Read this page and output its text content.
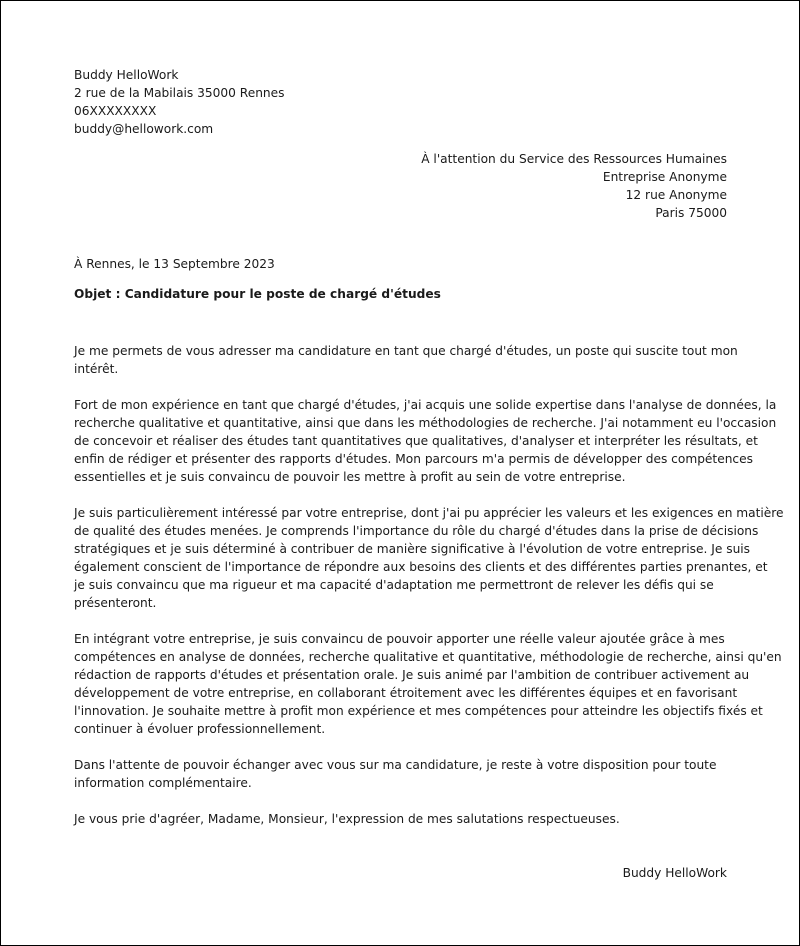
Buddy HelloWork
2 rue de la Mabilais 35000 Rennes
06XXXXXXXX
buddy@hellowork.com
À l'attention du Service des Ressources Humaines
Entreprise Anonyme
12 rue Anonyme
Paris 75000
À Rennes, le 13 Septembre 2023
Objet : Candidature pour le poste de chargé d'études
Je me permets de vous adresser ma candidature en tant que chargé d'études, un poste qui suscite tout mon
intérêt.
Fort de mon expérience en tant que chargé d'études, j'ai acquis une solide expertise dans l'analyse de données, la
recherche qualitative et quantitative, ainsi que dans les méthodologies de recherche. J'ai notamment eu l'occasion
de concevoir et réaliser des études tant quantitatives que qualitatives, d'analyser et interpréter les résultats, et
enfin de rédiger et présenter des rapports d'études. Mon parcours m'a permis de développer des compétences
essentielles et je suis convaincu de pouvoir les mettre à profit au sein de votre entreprise.
Je suis particulièrement intéressé par votre entreprise, dont j'ai pu apprécier les valeurs et les exigences en matière
de qualité des études menées. Je comprends l'importance du rôle du chargé d'études dans la prise de décisions
stratégiques et je suis déterminé à contribuer de manière significative à l'évolution de votre entreprise. Je suis
également conscient de l'importance de répondre aux besoins des clients et des différentes parties prenantes, et
je suis convaincu que ma rigueur et ma capacité d'adaptation me permettront de relever les défis qui se
présenteront.
En intégrant votre entreprise, je suis convaincu de pouvoir apporter une réelle valeur ajoutée grâce à mes
compétences en analyse de données, recherche qualitative et quantitative, méthodologie de recherche, ainsi qu'en
rédaction de rapports d'études et présentation orale. Je suis animé par l'ambition de contribuer activement au
développement de votre entreprise, en collaborant étroitement avec les différentes équipes et en favorisant
l'innovation. Je souhaite mettre à profit mon expérience et mes compétences pour atteindre les objectifs fixés et
continuer à évoluer professionnellement.
Dans l'attente de pouvoir échanger avec vous sur ma candidature, je reste à votre disposition pour toute
information complémentaire.
Je vous prie d'agréer, Madame, Monsieur, l'expression de mes salutations respectueuses.
Buddy HelloWork
